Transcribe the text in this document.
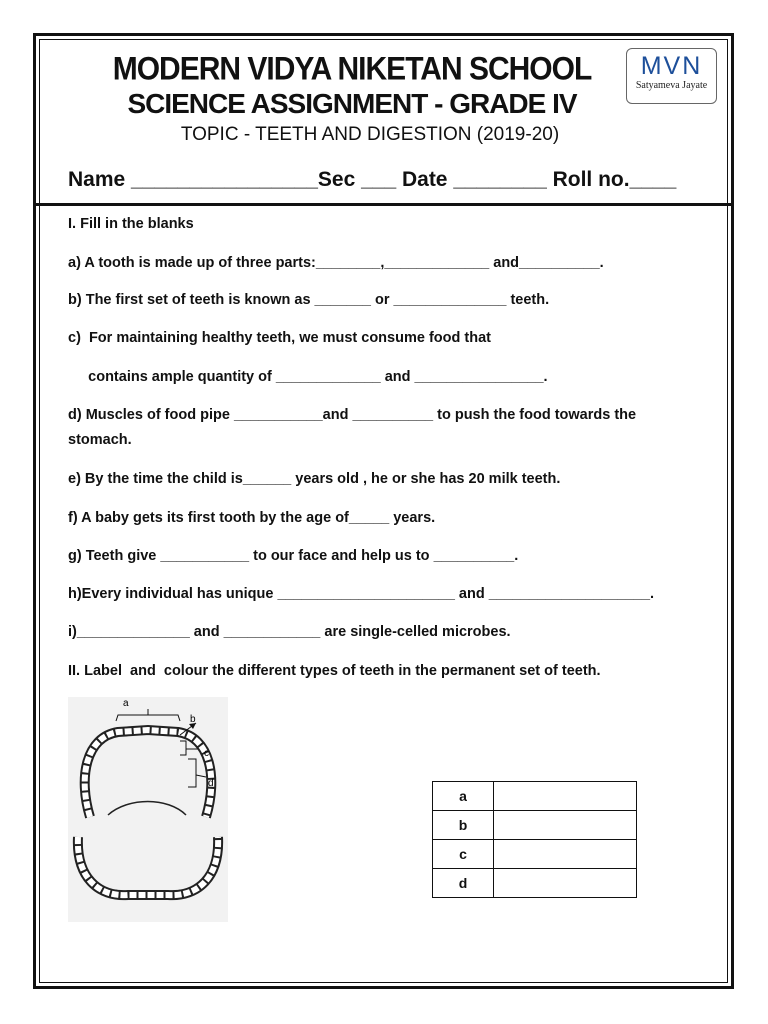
MODERN VIDYA NIKETAN SCHOOL
SCIENCE ASSIGNMENT - GRADE IV
TOPIC - TEETH AND DIGESTION (2019-20)
MVN
Satyameva Jayate
Name ________________Sec ___ Date ________ Roll no.____
I. Fill in the blanks
a) A tooth is made up of three parts:________,_____________ and__________.
b) The first set of teeth is known as _______ or ______________ teeth.
c)  For maintaining healthy teeth, we must consume food that
contains ample quantity of _____________ and ________________.
d) Muscles of food pipe ___________and __________ to push the food towards the
stomach.
e) By the time the child is______ years old , he or she has 20 milk teeth.
f) A baby gets its first tooth by the age of_____ years.
g) Teeth give ___________ to our face and help us to __________.
h)Every individual has unique ______________________ and ____________________.
i)______________ and ____________ are single-celled microbes.
II. Label  and  colour the different types of teeth in the permanent set of teeth.
a
b
c
d
a	
b	
c	
d	
